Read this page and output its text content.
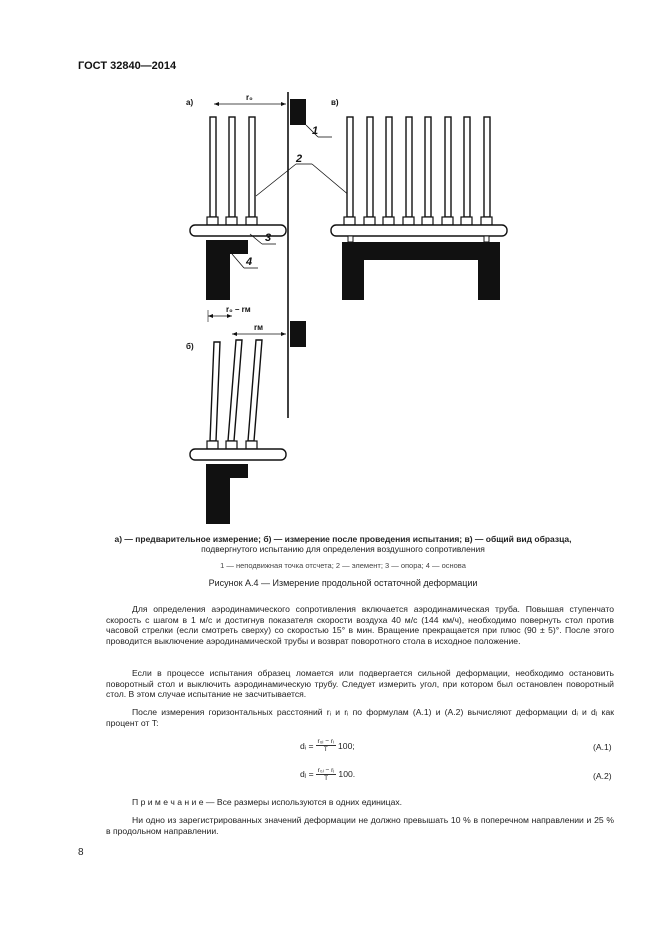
ГОСТ 32840—2014
а)
r₀
1
2
3
4
в)
б)
r₀ – rм
rм
а) — предварительное измерение; б) — измерение после проведения испытания; в) — общий вид образца,
подвергнутого испытанию для определения воздушного сопротивления
1 — неподвижная точка отсчета; 2 — элемент; 3 — опора; 4 — основа
Рисунок А.4 — Измерение продольной остаточной деформации
Для определения аэродинамического сопротивления включается аэродинамическая труба. Повышая ступенчато скорость с шагом в 1 м/с и достигнув показателя скорости воздуха 40 м/с (144 км/ч), необходимо повернуть стол против часовой стрелки (если смотреть сверху) со скоростью 15° в мин. Вращение прекращается при плюс (90 ± 5)°. После этого проводится выключение аэродинамической трубы и возврат поворотного стола в исходное положение.
Если в процессе испытания образец ломается или подвергается сильной деформации, необходимо остановить поворотный стол и выключить аэродинамическую трубу. Следует измерить угол, при котором был остановлен поворотный стол. В этом случае испытание не засчитывается.
После измерения горизонтальных расстояний rᵢ и rᵢ по формулам (А.1) и (А.2) вычисляют деформации dᵢ и dⱼ как процент от T:
dᵢ = $\frac{\text{r₀ᵢ − rᵢ}}{T} 100$;	(А.1)
dⱼ = $\frac{\text{r₀ⱼ − rⱼ}}{T} 100$.	(А.2)
П р и м е ч а н и е — Все размеры используются в одних единицах.
Ни одно из зарегистрированных значений деформации не должно превышать 10 % в поперечном направлении и 25 % в продольном направлении.
8
